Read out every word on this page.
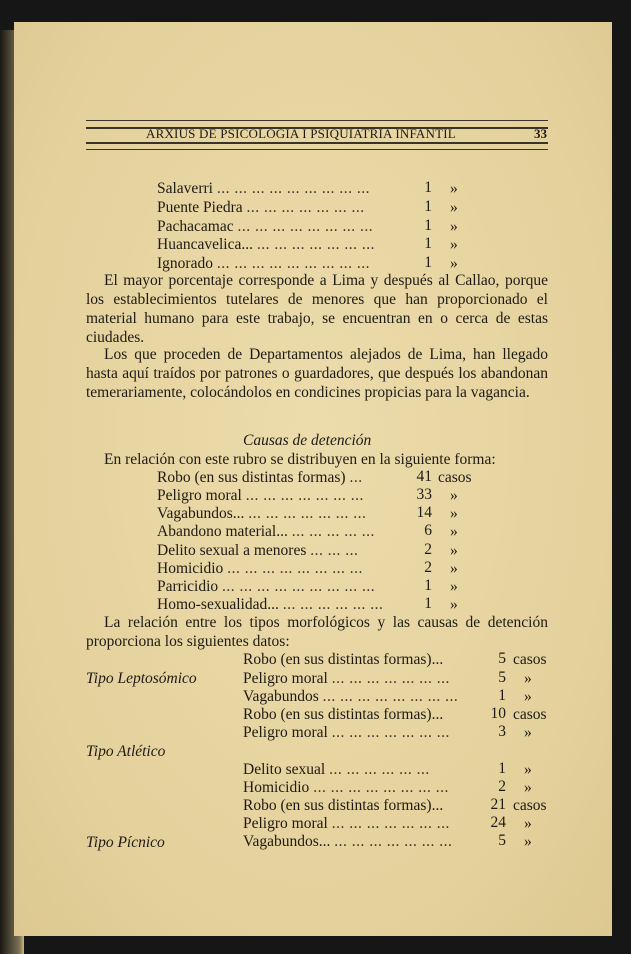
ARXIUS DE PSICOLOGIA I PSIQUIATRIA INFANTIL	33
Salaverri ... ... ... ... ... ... ... ... ...	1 »
Puente Piedra ... ... ... ... ... ... ...	1 »
Pachacamac ... ... ... ... ... ... ... ...	1 »
Huancavelica... ... ... ... ... ... ... ...	1 »
Ignorado ... ... ... ... ... ... ... ... ...	1 »
El mayor porcentaje corresponde a Lima y después al Callao, porque los establecimientos tutelares de menores que han proporcionado el material humano para este trabajo, se encuentran en o cerca de estas ciudades.
Los que proceden de Departamentos alejados de Lima, han llegado hasta aquí traídos por patrones o guardadores, que después los abandonan temerariamente, colocándolos en condicines propicias para la vagancia.
Causas de detención
En relación con este rubro se distribuyen en la siguiente forma:
Robo (en sus distintas formas) ...	41 casos
Peligro moral ... ... ... ... ... ... ...	33 »
Vagabundos... ... ... ... ... ... ... ...	14 »
Abandono material... ... ... ... ... ...	6 »
Delito sexual a menores ... ... ...	2 »
Homicidio ... ... ... ... ... ... ... ...	2 »
Parricidio ... ... ... ... ... ... ... ... ...	1 »
Homo-sexualidad... ... ... ... ... ... ...	1 »
La relación entre los tipos morfológicos y las causas de detención proporciona los siguientes datos:
Robo (en sus distintas formas)...	5 casos
Tipo Leptosómico	Peligro moral ... ... ... ... ... ... ...	5 »
Vagabundos ... ... ... ... ... ... ... ...	1 »
Robo (en sus distintas formas)...	10 casos
Peligro moral ... ... ... ... ... ... ...	3 »
Tipo Atlético
Delito sexual ... ... ... ... ... ...	1 »
Homicidio ... ... ... ... ... ... ... ...	2 »
Robo (en sus distintas formas)...	21 casos
Peligro moral ... ... ... ... ... ... ...	24 »
Tipo Pícnico	Vagabundos... ... ... ... ... ... ... ...	5 »
